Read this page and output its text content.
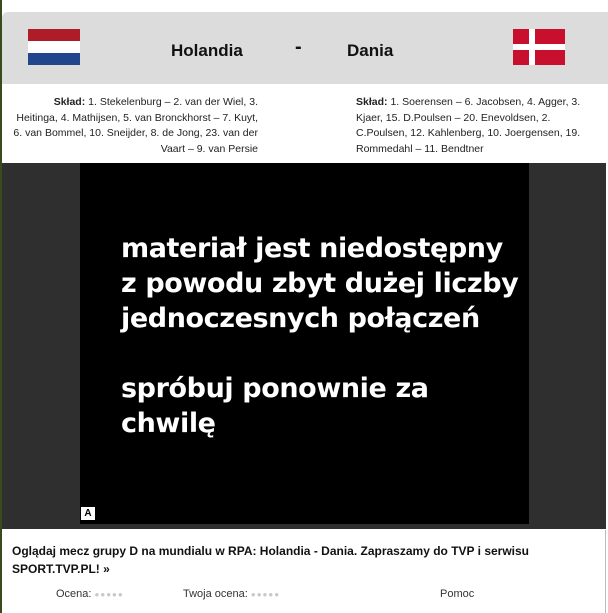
Holandia	-	Dania
Skład: 1. Stekelenburg – 2. van der Wiel, 3. Heitinga, 4. Mathijsen, 5. van Bronckhorst – 7. Kuyt, 6. van Bommel, 10. Sneijder, 8. de Jong, 23. van der Vaart – 9. van Persie
Skład: 1. Soerensen – 6. Jacobsen, 4. Agger, 3. Kjaer, 15. D.Poulsen – 20. Enevoldsen, 2. C.Poulsen, 12. Kahlenberg, 10. Joergensen, 19. Rommedahl – 11. Bendtner
materiał jest niedostępny
z powodu zbyt dużej liczby
jednoczesnych połączeń
spróbuj ponownie za chwilę
A
Oglądaj mecz grupy D na mundialu w RPA: Holandia - Dania. Zapraszamy do TVP i serwisu SPORT.TVP.PL! »
Ocena: ●●●●●	Twoja ocena: ●●●●●	Pomoc
